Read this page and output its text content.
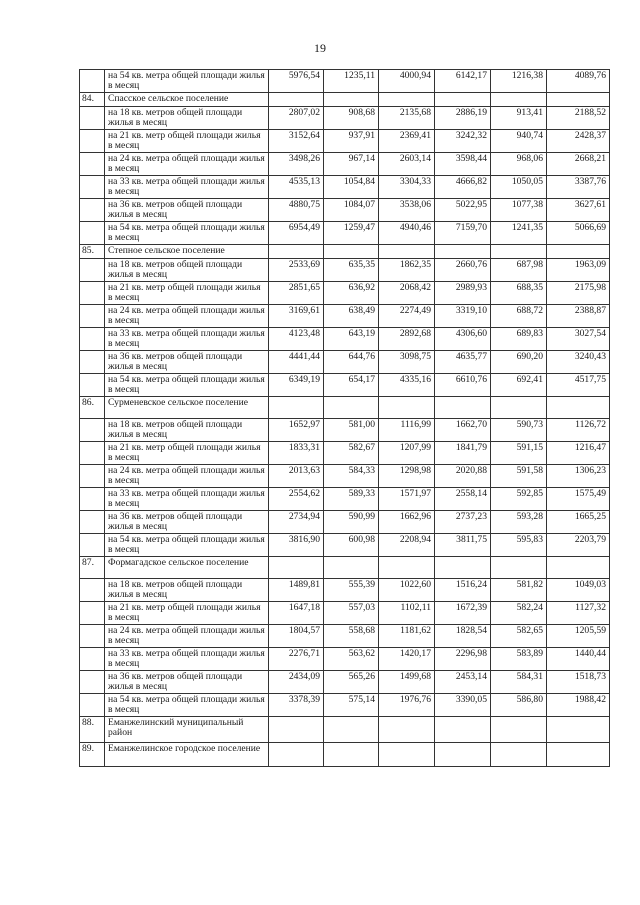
19
	на 54 кв. метра общей площади жилья в месяц	5976,54	1235,11	4000,94	6142,17	1216,38	4089,76
84.	Спасское сельское поселение						
	на 18 кв. метров общей площади жилья в месяц	2807,02	908,68	2135,68	2886,19	913,41	2188,52
	на 21 кв. метр общей площади жилья в месяц	3152,64	937,91	2369,41	3242,32	940,74	2428,37
	на 24 кв. метра общей площади жилья в месяц	3498,26	967,14	2603,14	3598,44	968,06	2668,21
	на 33 кв. метра общей площади жилья в месяц	4535,13	1054,84	3304,33	4666,82	1050,05	3387,76
	на 36 кв. метров общей площади жилья в месяц	4880,75	1084,07	3538,06	5022,95	1077,38	3627,61
	на 54 кв. метра общей площади жилья в месяц	6954,49	1259,47	4940,46	7159,70	1241,35	5066,69
85.	Степное сельское поселение						
	на 18 кв. метров общей площади жилья в месяц	2533,69	635,35	1862,35	2660,76	687,98	1963,09
	на 21 кв. метр общей площади жилья в месяц	2851,65	636,92	2068,42	2989,93	688,35	2175,98
	на 24 кв. метра общей площади жилья в месяц	3169,61	638,49	2274,49	3319,10	688,72	2388,87
	на 33 кв. метра общей площади жилья в месяц	4123,48	643,19	2892,68	4306,60	689,83	3027,54
	на 36 кв. метров общей площади жилья в месяц	4441,44	644,76	3098,75	4635,77	690,20	3240,43
	на 54 кв. метра общей площади жилья в месяц	6349,19	654,17	4335,16	6610,76	692,41	4517,75
86.	Сурменевское сельское поселение						
	на 18 кв. метров общей площади жилья в месяц	1652,97	581,00	1116,99	1662,70	590,73	1126,72
	на 21 кв. метр общей площади жилья в месяц	1833,31	582,67	1207,99	1841,79	591,15	1216,47
	на 24 кв. метра общей площади жилья в месяц	2013,63	584,33	1298,98	2020,88	591,58	1306,23
	на 33 кв. метра общей площади жилья в месяц	2554,62	589,33	1571,97	2558,14	592,85	1575,49
	на 36 кв. метров общей площади жилья в месяц	2734,94	590,99	1662,96	2737,23	593,28	1665,25
	на 54 кв. метра общей площади жилья в месяц	3816,90	600,98	2208,94	3811,75	595,83	2203,79
87.	Формагадское сельское поселение						
	на 18 кв. метров общей площади жилья в месяц	1489,81	555,39	1022,60	1516,24	581,82	1049,03
	на 21 кв. метр общей площади жилья в месяц	1647,18	557,03	1102,11	1672,39	582,24	1127,32
	на 24 кв. метра общей площади жилья в месяц	1804,57	558,68	1181,62	1828,54	582,65	1205,59
	на 33 кв. метра общей площади жилья в месяц	2276,71	563,62	1420,17	2296,98	583,89	1440,44
	на 36 кв. метров общей площади жилья в месяц	2434,09	565,26	1499,68	2453,14	584,31	1518,73
	на 54 кв. метра общей площади жилья в месяц	3378,39	575,14	1976,76	3390,05	586,80	1988,42
88.	Еманжелинский муниципальный район						
89.	Еманжелинское городское поселение						
